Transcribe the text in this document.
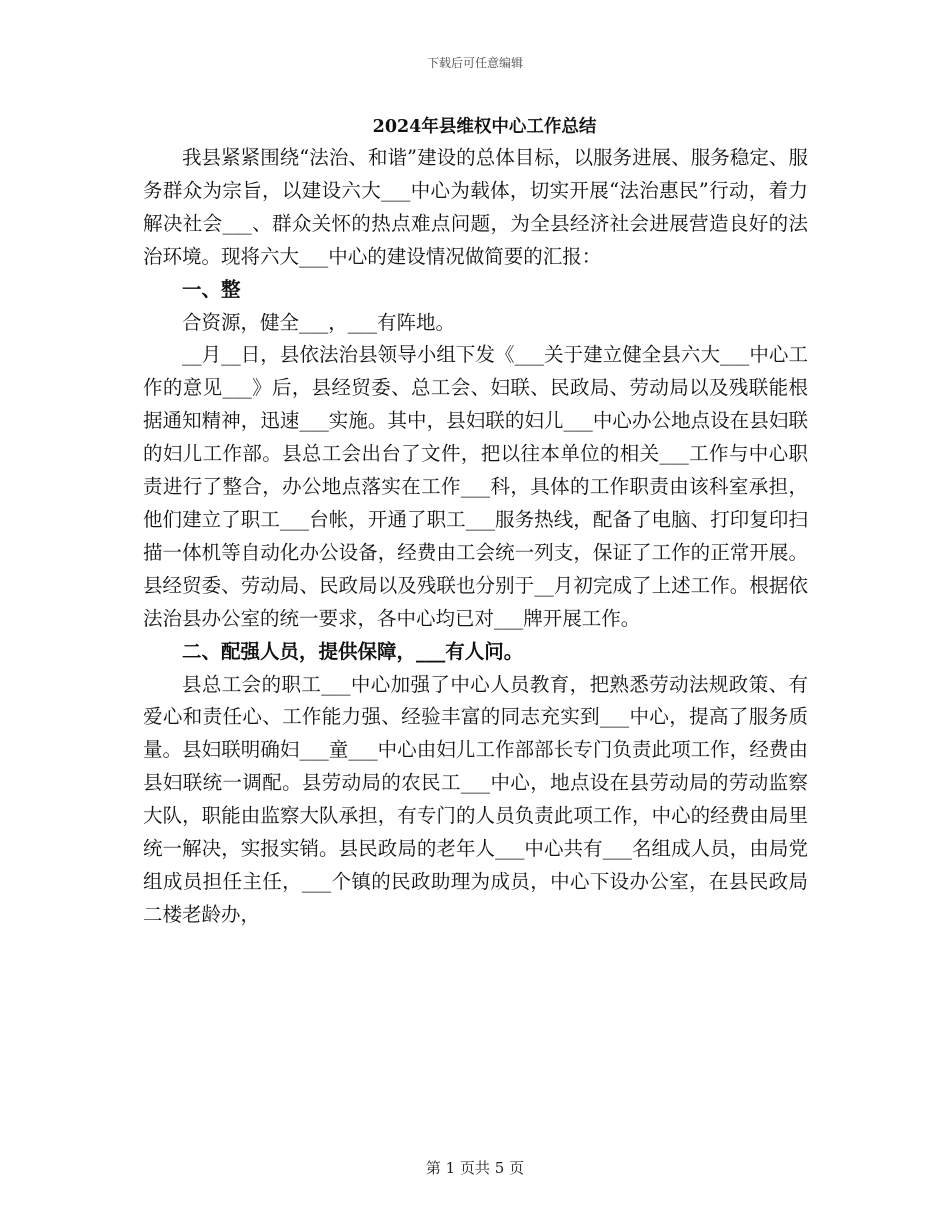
下载后可任意编辑
2024年县维权中心工作总结

我县紧紧围绕“法治、和谐”建设的总体目标，以服务进展、服务稳定、服务群众为宗旨，以建设六大___中心为载体，切实开展“法治惠民”行动，着力解决社会___、群众关怀的热点难点问题，为全县经济社会进展营造良好的法治环境。现将六大___中心的建设情况做简要的汇报：

一、整

合资源，健全___，___有阵地。

__月__日，县依法治县领导小组下发《___关于建立健全县六大___中心工作的意见___》后，县经贸委、总工会、妇联、民政局、劳动局以及残联能根据通知精神，迅速___实施。其中，县妇联的妇儿___中心办公地点设在县妇联的妇儿工作部。县总工会出台了文件，把以往本单位的相关___工作与中心职责进行了整合，办公地点落实在工作___科，具体的工作职责由该科室承担，他们建立了职工___台帐，开通了职工___服务热线，配备了电脑、打印复印扫描一体机等自动化办公设备，经费由工会统一列支，保证了工作的正常开展。县经贸委、劳动局、民政局以及残联也分别于__月初完成了上述工作。根据依法治县办公室的统一要求，各中心均已对___牌开展工作。

二、配强人员，提供保障，___有人问。

县总工会的职工___中心加强了中心人员教育，把熟悉劳动法规政策、有爱心和责任心、工作能力强、经验丰富的同志充实到___中心，提高了服务质量。县妇联明确妇___童___中心由妇儿工作部部长专门负责此项工作，经费由县妇联统一调配。县劳动局的农民工___中心，地点设在县劳动局的劳动监察大队，职能由监察大队承担，有专门的人员负责此项工作，中心的经费由局里统一解决，实报实销。县民政局的老年人___中心共有___名组成人员，由局党组成员担任主任，___个镇的民政助理为成员，中心下设办公室，在县民政局二楼老龄办，

第 1 页共 5 页
